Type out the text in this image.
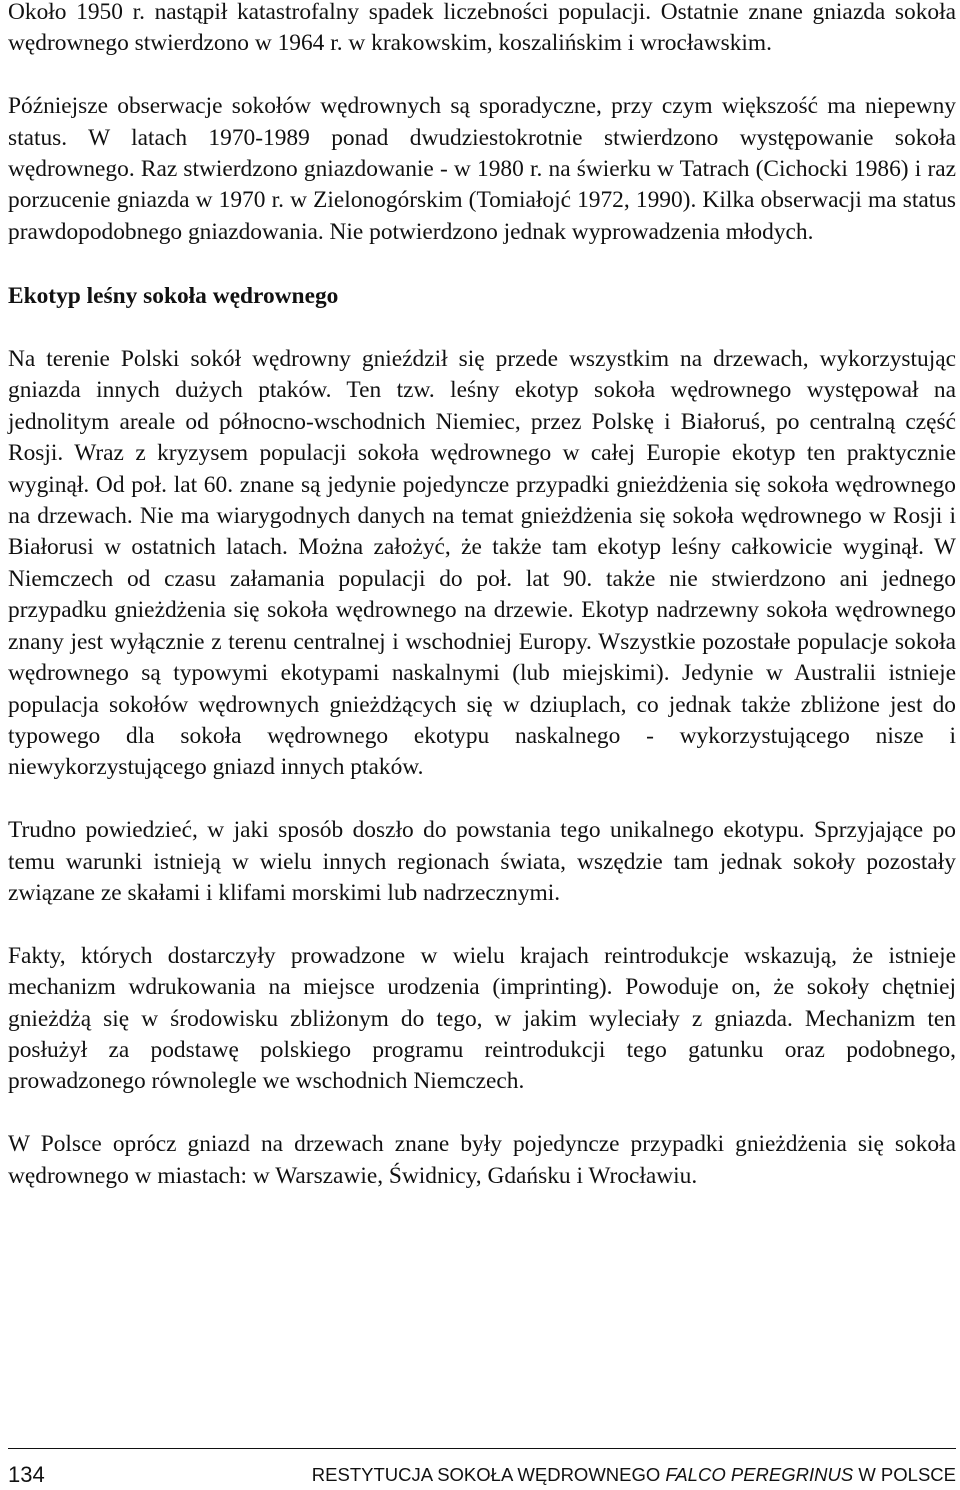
Około 1950 r. nastąpił katastrofalny spadek liczebności populacji. Ostatnie znane gniazda sokoła wędrownego stwierdzono w 1964 r. w krakowskim, koszalińskim i wrocławskim.

Późniejsze obserwacje sokołów wędrownych są sporadyczne, przy czym większość ma niepewny status. W latach 1970-1989 ponad dwudziestokrotnie stwierdzono występowanie sokoła wędrownego. Raz stwierdzono gniazdowanie - w 1980 r. na świerku w Tatrach (Cichocki 1986) i raz porzucenie gniazda w 1970 r. w Zielonogórskim (Tomiałojć 1972, 1990). Kilka obserwacji ma status prawdopodobnego gniazdowania. Nie potwierdzono jednak wyprowadzenia młodych.

Ekotyp leśny sokoła wędrownego

Na terenie Polski sokół wędrowny gnieździł się przede wszystkim na drzewach, wykorzystując gniazda innych dużych ptaków. Ten tzw. leśny ekotyp sokoła wędrownego występował na jednolitym areale od północno-wschodnich Niemiec, przez Polskę i Białoruś, po centralną część Rosji. Wraz z kryzysem populacji sokoła wędrownego w całej Europie ekotyp ten praktycznie wyginął. Od poł. lat 60. znane są jedynie pojedyncze przypadki gnieżdżenia się sokoła wędrownego na drzewach. Nie ma wiarygodnych danych na temat gnieżdżenia się sokoła wędrownego w Rosji i Białorusi w ostatnich latach. Można założyć, że także tam ekotyp leśny całkowicie wyginął. W Niemczech od czasu załamania populacji do poł. lat 90. także nie stwierdzono ani jednego przypadku gnieżdżenia się sokoła wędrownego na drzewie. Ekotyp nadrzewny sokoła wędrownego znany jest wyłącznie z terenu centralnej i wschodniej Europy. Wszystkie pozostałe populacje sokoła wędrownego są typowymi ekotypami naskalnymi (lub miejskimi). Jedynie w Australii istnieje populacja sokołów wędrownych gnieżdżących się w dziuplach, co jednak także zbliżone jest do typowego dla sokoła wędrownego ekotypu naskalnego - wykorzystującego nisze i niewykorzystującego gniazd innych ptaków.

Trudno powiedzieć, w jaki sposób doszło do powstania tego unikalnego ekotypu. Sprzyjające po temu warunki istnieją w wielu innych regionach świata, wszędzie tam jednak sokoły pozostały związane ze skałami i klifami morskimi lub nadrzecznymi.

Fakty, których dostarczyły prowadzone w wielu krajach reintrodukcje wskazują, że istnieje mechanizm wdrukowania na miejsce urodzenia (imprinting). Powoduje on, że sokoły chętniej gnieżdżą się w środowisku zbliżonym do tego, w jakim wyleciały z gniazda. Mechanizm ten posłużył za podstawę polskiego programu reintrodukcji tego gatunku oraz podobnego, prowadzonego równolegle we wschodnich Niemczech.

W Polsce oprócz gniazd na drzewach znane były pojedyncze przypadki gnieżdżenia się sokoła wędrownego w miastach: w Warszawie, Świdnicy, Gdańsku i Wrocławiu.

134	RESTYTUCJA SOKOŁA WĘDROWNEGO FALCO PEREGRINUS W POLSCE
